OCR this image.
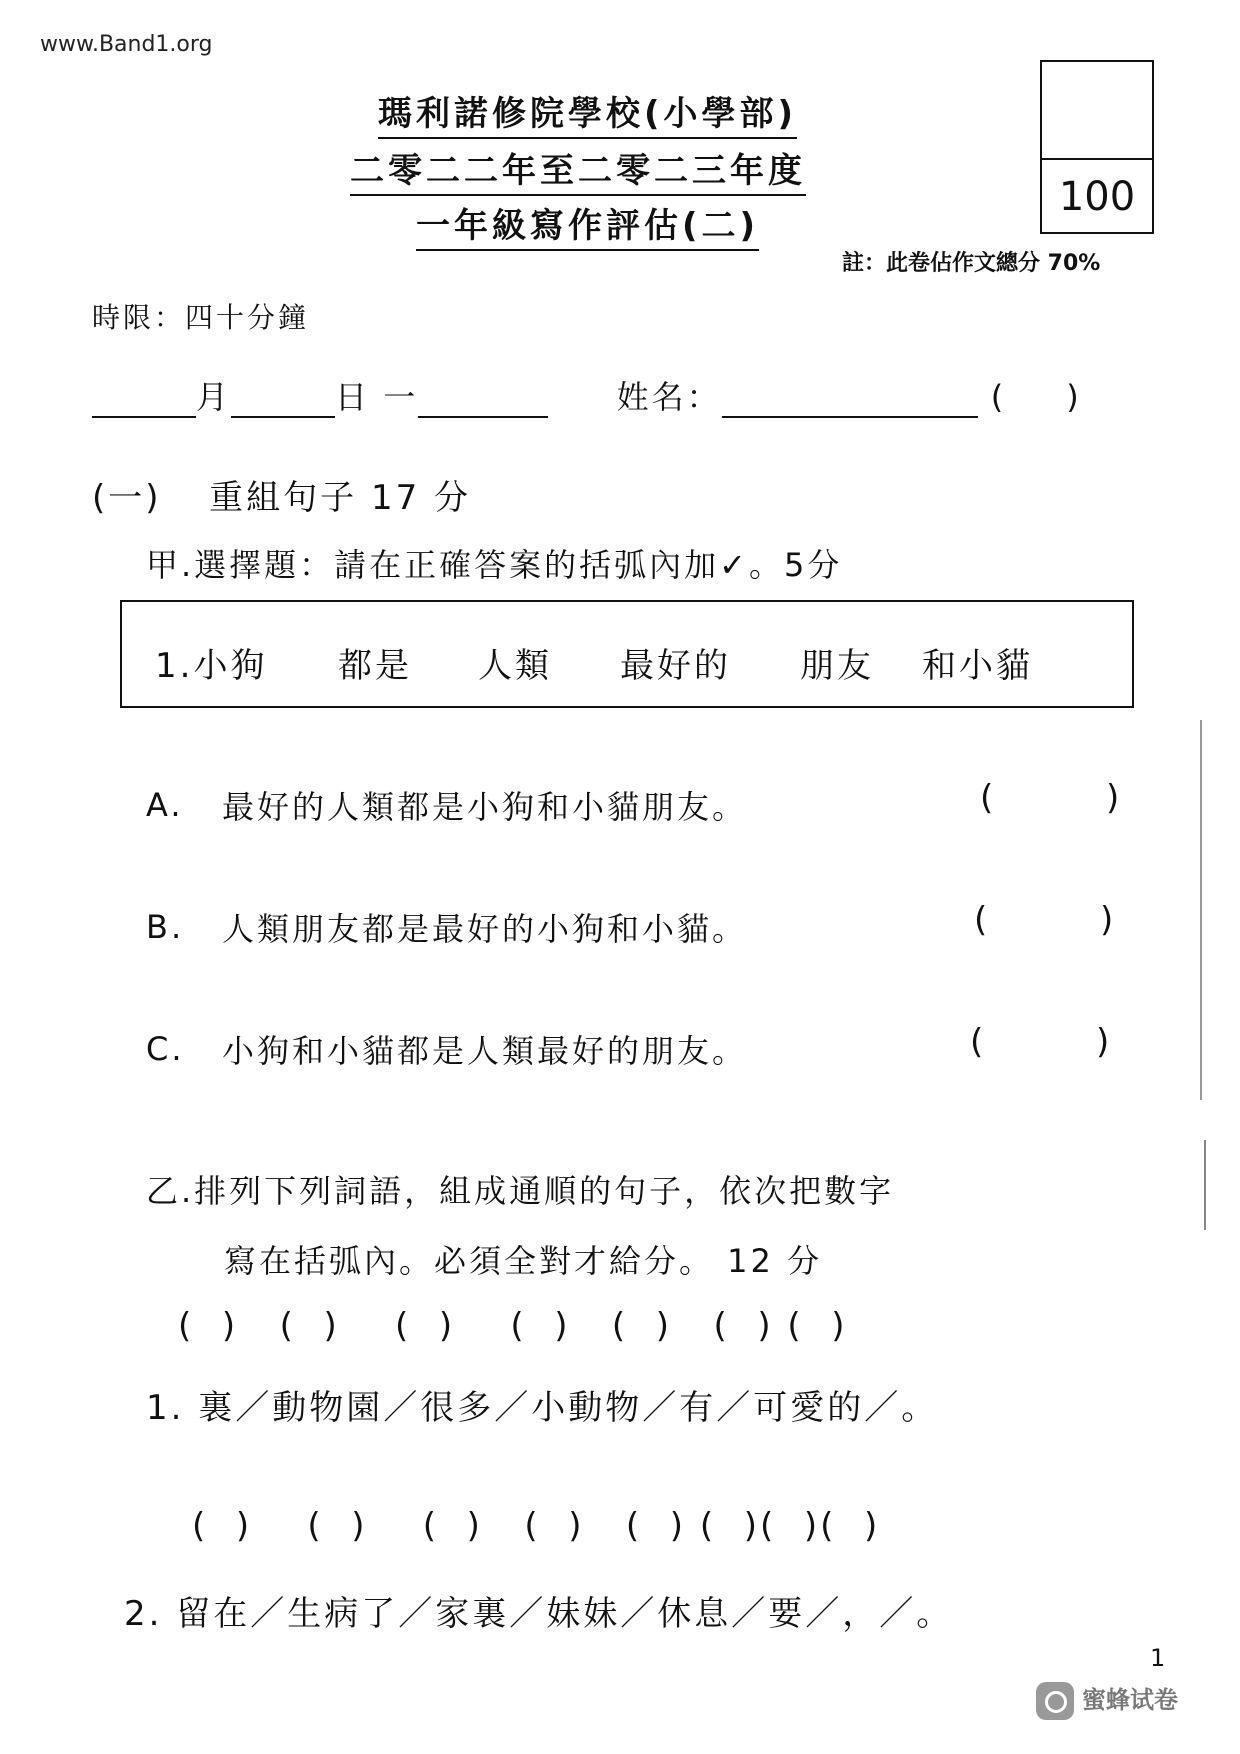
www.Band1.org
瑪利諾修院學校(小學部)
二零二二年至二零二三年度
一年級寫作評估(二)
100
註：此卷佔作文總分 70%
時限：四十分鐘
月	日 一	姓名：	( )
(一) 重組句子 17 分
甲.選擇題：請在正確答案的括弧內加✓。5分
1.小狗 都是 人類 最好的 朋友 和小貓
A. 最好的人類都是小狗和小貓朋友。	(	)
B. 人類朋友都是最好的小狗和小貓。	(	)
C. 小狗和小貓都是人類最好的朋友。	(	)
乙.排列下列詞語，組成通順的句子，依次把數字
寫在括弧內。必須全對才給分。 12 分
(  )   (  )    (  )    (  )   (  )   (  ) (  )
1. 裏／動物園／很多／小動物／有／可愛的／。
(  )    (  )    (  )   (  )   (  ) (  )(  )(  )
2. 留在／生病了／家裏／妹妹／休息／要／，／。
1
蜜蜂试卷
